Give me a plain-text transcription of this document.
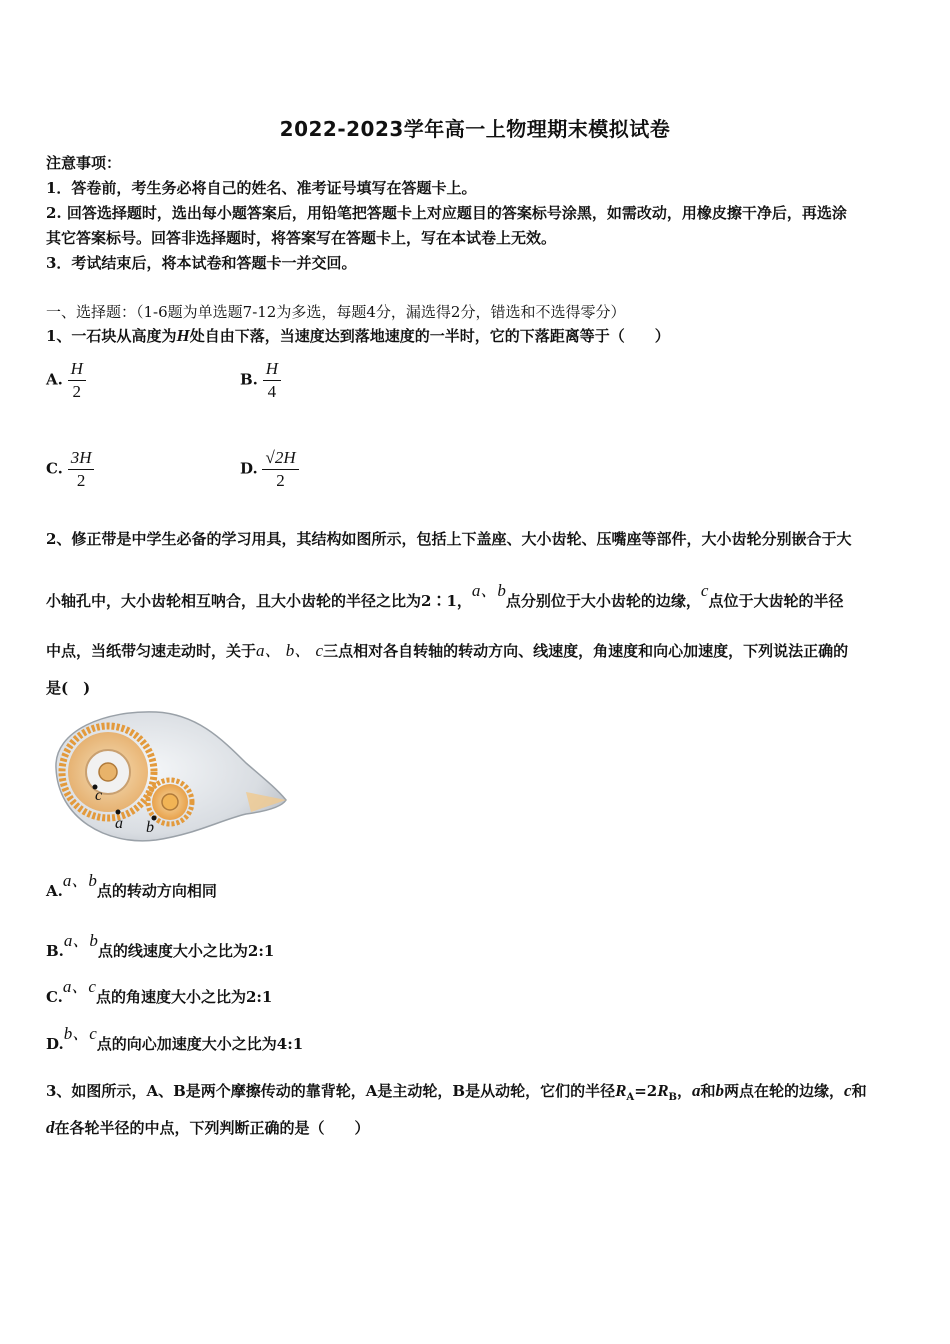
2022-2023学年高一上物理期末模拟试卷
注意事项：
1．答卷前，考生务必将自己的姓名、准考证号填写在答题卡上。
2. 回答选择题时，选出每小题答案后，用铅笔把答题卡上对应题目的答案标号涂黑，如需改动，用橡皮擦干净后，再选涂
其它答案标号。回答非选择题时，将答案写在答题卡上，写在本试卷上无效。
3．考试结束后，将本试卷和答题卡一并交回。
一、选择题：（1-6题为单选题7-12为多选，每题4分，漏选得2分，错选和不选得零分）
1、一石块从高度为H处自由下落，当速度达到落地速度的一半时，它的下落距离等于（　　）
A. $\frac{H}{2}$	B. $\frac{H}{4}$
C. $\frac{3H}{2}$	D. $\frac{√2H}{2}$
2、修正带是中学生必备的学习用具，其结构如图所示，包括上下盖座、大小齿轮、压嘴座等部件，大小齿轮分别嵌合于大
小轴孔中，大小齿轮相互呐合，且大小齿轮的半径之比为2∶1，a、b点分别位于大小齿轮的边缘，c点位于大齿轮的半径
中点，当纸带匀速走动时，关于a、 b、 c三点相对各自转轴的转动方向、线速度，角速度和向心加速度，下列说法正确的
是(　)
c
a b
A.a、b点的转动方向相同
B.a、b点的线速度大小之比为2:1
C.a、c点的角速度大小之比为2:1
D.b、c点的向心加速度大小之比为4:1
3、如图所示，A、B是两个摩擦传动的靠背轮，A是主动轮，B是从动轮，它们的半径$R_A=2R_B$，a和b两点在轮的边缘，c和
d在各轮半径的中点，下列判断正确的是（　　）
